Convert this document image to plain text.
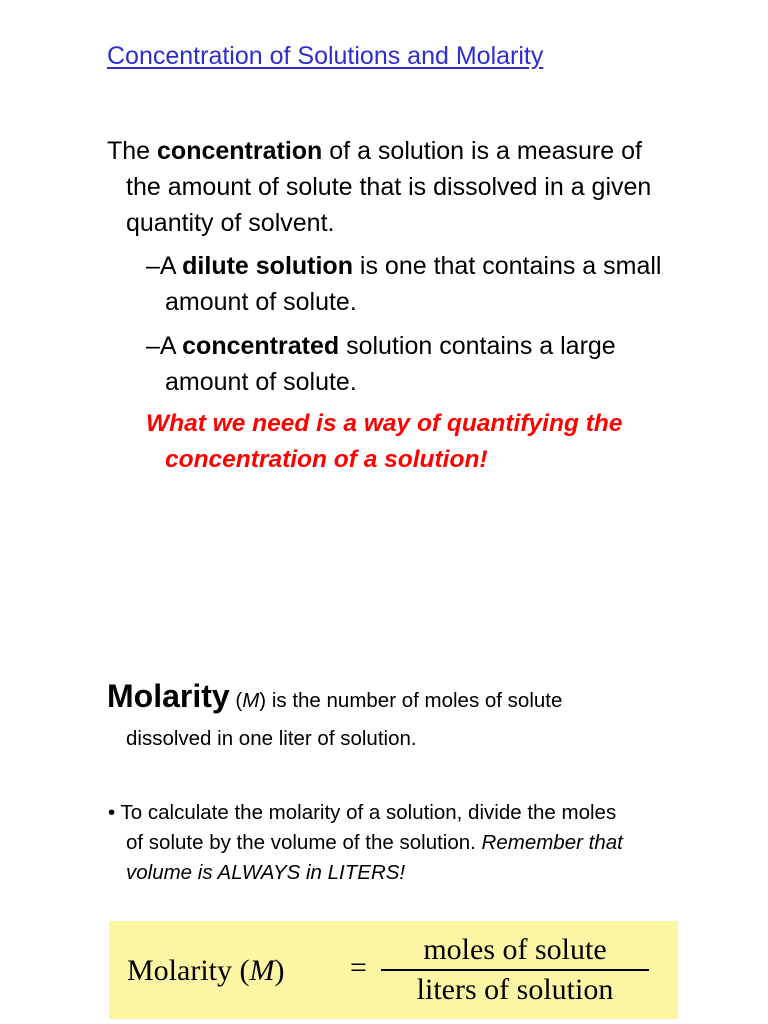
Concentration of Solutions and Molarity
The concentration of a solution is a measure of
the amount of solute that is dissolved in a given
quantity of solvent.
–A dilute solution is one that contains a small
amount of solute.
–A concentrated solution contains a large
amount of solute.
What we need is a way of quantifying the
concentration of a solution!
Molarity (M) is the number of moles of solute
dissolved in one liter of solution.
• To calculate the molarity of a solution, divide the moles
of solute by the volume of the solution. Remember that
volume is ALWAYS in LITERS!
Molarity (M) =
moles of solute
liters of solution
